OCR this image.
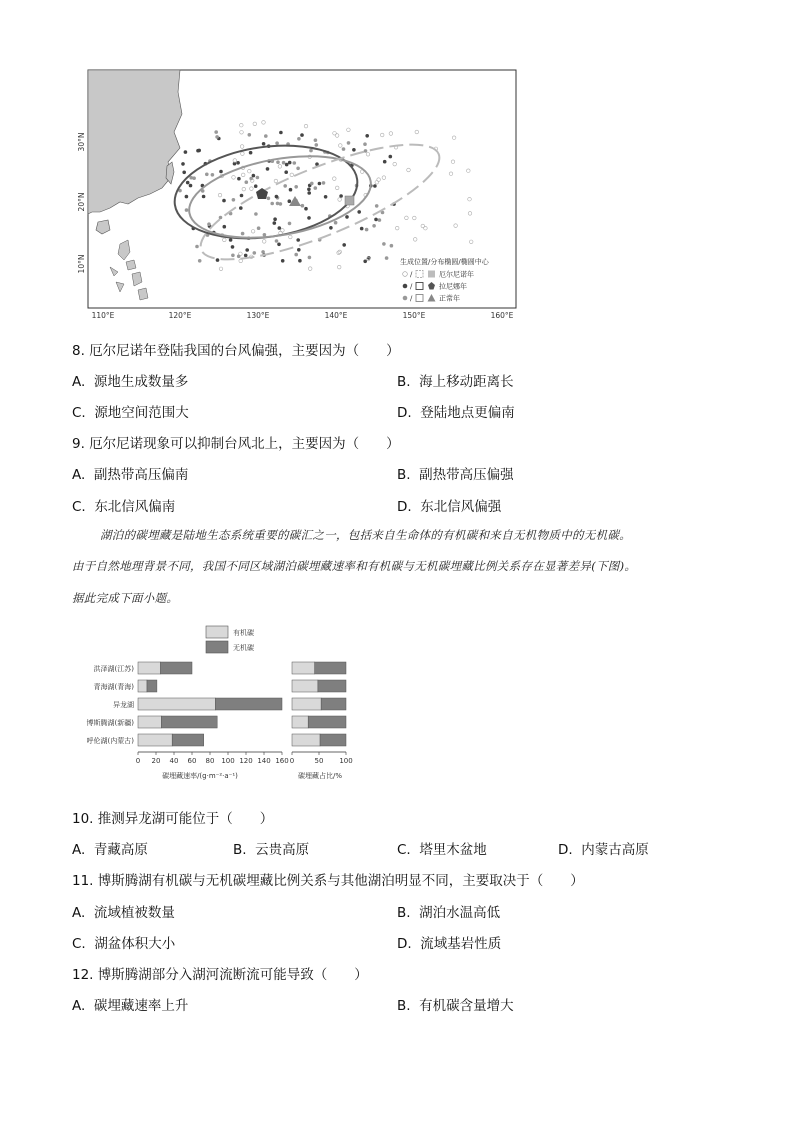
30°N
20°N
10°N
110°E	120°E	130°E	140°E	150°E	160°E
生成位置/分布椭圆/椭圆中心
/	厄尔尼诺年
/	拉尼娜年
/	正常年
8. 厄尔尼诺年登陆我国的台风偏强，主要因为（　　）
A. 源地生成数量多	B. 海上移动距离长
C. 源地空间范围大	D. 登陆地点更偏南
9. 厄尔尼诺现象可以抑制台风北上，主要因为（　　）
A. 副热带高压偏南	B. 副热带高压偏强
C. 东北信风偏南	D. 东北信风偏强
湖泊的碳埋藏是陆地生态系统重要的碳汇之一，包括来自生命体的有机碳和来自无机物质中的无机碳。
由于自然地理背景不同，我国不同区域湖泊碳埋藏速率和有机碳与无机碳埋藏比例关系存在显著差异(下图)。
据此完成下面小题。
有机碳
无机碳
洪泽湖(江苏)
青海湖(青海)
异龙湖
博斯腾湖(新疆)
呼伦湖(内蒙古)
0 20 40 60 80 100 120 140 160 0	50 100
碳埋藏速率/(g·m⁻²·a⁻¹)	碳埋藏占比/%
10. 推测异龙湖可能位于（　　）
A. 青藏高原	B. 云贵高原	C. 塔里木盆地	D. 内蒙古高原
11. 博斯腾湖有机碳与无机碳埋藏比例关系与其他湖泊明显不同，主要取决于（　　）
A. 流域植被数量	B. 湖泊水温高低
C. 湖盆体积大小	D. 流域基岩性质
12. 博斯腾湖部分入湖河流断流可能导致（　　）
A. 碳埋藏速率上升	B. 有机碳含量增大
